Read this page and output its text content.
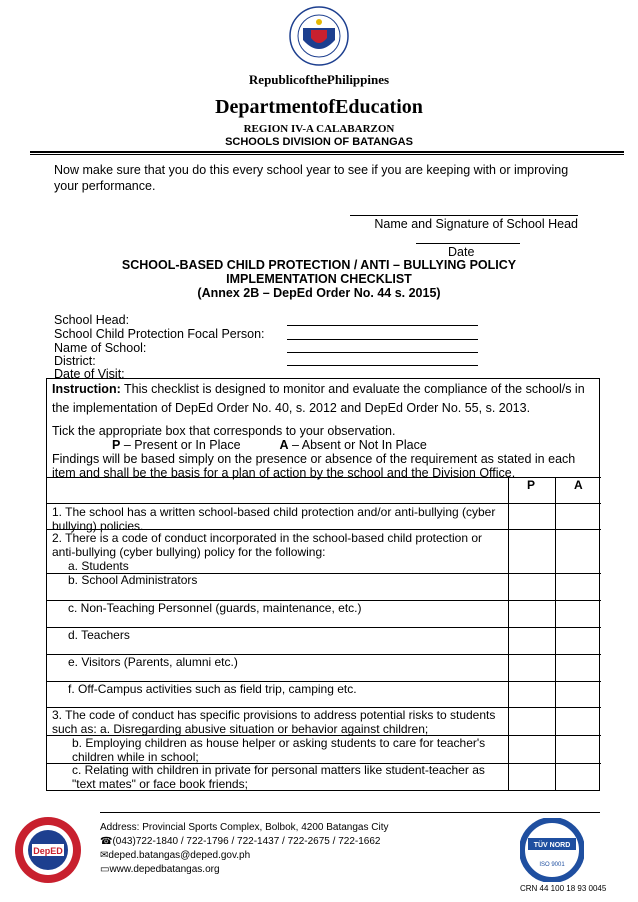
RepublicofthePhilippines
DepartmentofEducation
REGION IV-A CALABARZON
SCHOOLS DIVISION OF BATANGAS
Now make sure that you do this every school year to see if you are keeping with or improving your performance.
Name and Signature of School Head
Date
SCHOOL-BASED CHILD PROTECTION / ANTI – BULLYING POLICY
IMPLEMENTATION CHECKLIST
(Annex 2B – DepEd Order No. 44 s. 2015)
School Head:
School Child Protection Focal Person:
Name of School:
District:
Date of Visit:
Instruction: This checklist is designed to monitor and evaluate the compliance of the school/s in the implementation of DepEd Order No. 40, s. 2012 and DepEd Order No. 55, s. 2013.
Tick the appropriate box that corresponds to your observation.
P – Present or In Place	A – Absent or Not In Place
Findings will be based simply on the presence or absence of the requirement as stated in each item and shall be the basis for a plan of action by the school and the Division Office.
P	A
1. The school has a written school-based child protection and/or anti-bullying (cyber bullying) policies.
2. There is a code of conduct incorporated in the school-based child protection or anti-bullying (cyber bullying) policy for the following:
a. Students
b. School Administrators
c. Non-Teaching Personnel (guards, maintenance, etc.)
d. Teachers
e. Visitors (Parents, alumni etc.)
f. Off-Campus activities such as field trip, camping etc.
3. The code of conduct has specific provisions to address potential risks to students such as: a. Disregarding abusive situation or behavior against children;
b. Employing children as house helper or asking students to care for teacher's children while in school;
c. Relating with children in private for personal matters like student-teacher as "text mates" or face book friends;
DepED
Address: Provincial Sports Complex, Bolbok, 4200 Batangas City
☎(043)722-1840 / 722-1796 / 722-1437 / 722-2675 / 722-1662
✉deped.batangas@deped.gov.ph
▭www.depedbatangas.org
TÜV NORD
ISO 9001
CRN 44 100 18 93 0045
